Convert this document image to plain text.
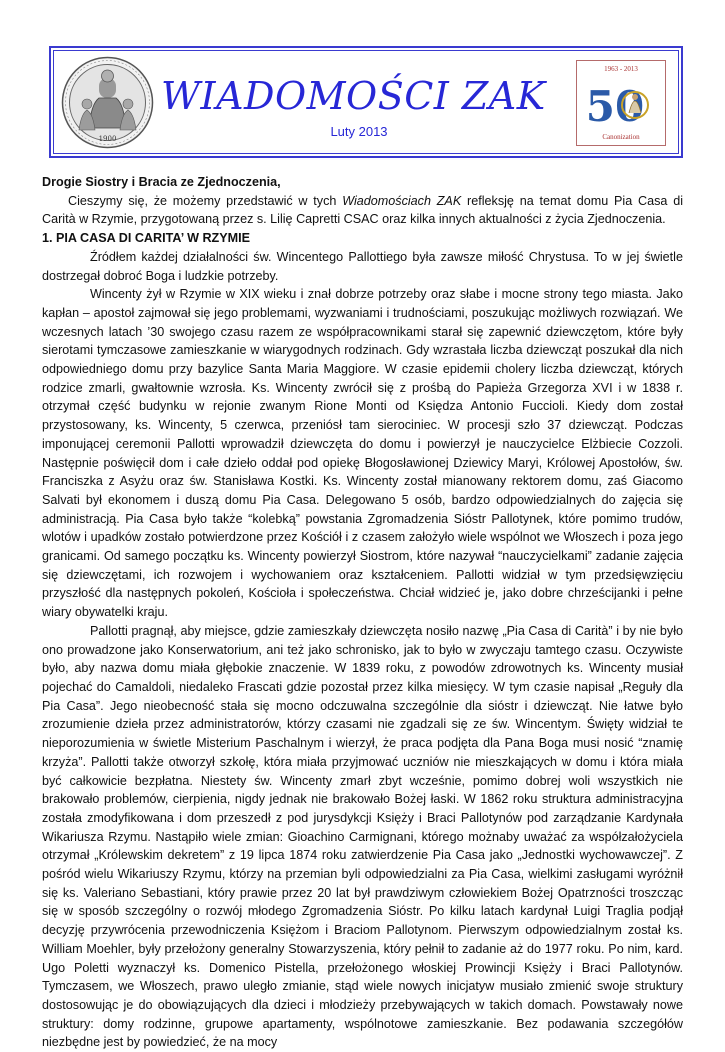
1900
WIADOMOŚCI ZAK
Luty 2013
1963 - 2013
50
Canonization

Drogie Siostry i Bracia ze Zjednoczenia,

Cieszymy się, że możemy przedstawić w tych Wiadomościach ZAK refleksję na temat domu Pia Casa di Carità w Rzymie, przygotowaną przez s. Lilię Capretti CSAC oraz kilka innych aktualności z życia Zjednoczenia.

1. PIA CASA DI CARITA’ W RZYMIE

Źródłem każdej działalności św. Wincentego Pallottiego była zawsze miłość Chrystusa. To w jej świetle dostrzegał dobroć Boga i ludzkie potrzeby.

Wincenty żył w Rzymie w XIX wieku i znał dobrze potrzeby oraz słabe i mocne strony tego miasta. Jako kapłan – apostoł zajmował się jego problemami, wyzwaniami i trudnościami, poszukując możliwych rozwiązań. We wczesnych latach ’30 swojego czasu razem ze współpracownikami starał się zapewnić dziewczętom, które były sierotami tymczasowe zamieszkanie w wiarygodnych rodzinach. Gdy wzrastała liczba dziewcząt poszukał dla nich odpowiedniego domu przy bazylice Santa Maria Maggiore. W czasie epidemii cholery liczba dziewcząt, których rodzice zmarli, gwałtownie wzrosła. Ks. Wincenty zwrócił się z prośbą do Papieża Grzegorza XVI i w 1838 r. otrzymał część budynku w rejonie zwanym Rione Monti od Księdza Antonio Fuccioli. Kiedy dom został przystosowany, ks. Wincenty, 5 czerwca, przeniósł tam sierociniec. W procesji szło 37 dziewcząt. Podczas imponującej ceremonii Pallotti wprowadził dziewczęta do domu i powierzył je nauczycielce Elżbiecie Cozzoli. Następnie poświęcił dom i całe dzieło oddał pod opiekę Błogosławionej Dziewicy Maryi, Królowej Apostołów, św. Franciszka z Asyżu oraz św. Stanisława Kostki. Ks. Wincenty został mianowany rektorem domu, zaś Giacomo Salvati był ekonomem i duszą domu Pia Casa. Delegowano 5 osób, bardzo odpowiedzialnych do zajęcia się administracją. Pia Casa było także “kolebką” powstania Zgromadzenia Sióstr Pallotynek, które pomimo trudów, wlotów i upadków zostało potwierdzone przez Kościół i z czasem założyło wiele wspólnot we Włoszech i poza jego granicami. Od samego początku ks. Wincenty powierzył Siostrom, które nazywał “nauczycielkami” zadanie zajęcia się dziewczętami, ich rozwojem i wychowaniem oraz kształceniem. Pallotti widział w tym przedsięwzięciu przyszłość dla następnych pokoleń, Kościoła i społeczeństwa. Chciał widzieć je, jako dobre chrześcijanki i pełne wiary obywatelki kraju.

Pallotti pragnął, aby miejsce, gdzie zamieszkały dziewczęta nosiło nazwę „Pia Casa di Carità” i by nie było ono prowadzone jako Konserwatorium, ani też jako schronisko, jak to było w zwyczaju tamtego czasu. Oczywiste było, aby nazwa domu miała głębokie znaczenie. W 1839 roku, z powodów zdrowotnych ks. Wincenty musiał pojechać do Camaldoli, niedaleko Frascati gdzie pozostał przez kilka miesięcy. W tym czasie napisał „Reguły dla Pia Casa”. Jego nieobecność stała się mocno odczuwalna szczególnie dla sióstr i dziewcząt. Nie łatwe było zrozumienie dzieła przez administratorów, którzy czasami nie zgadzali się ze św. Wincentym. Święty widział te nieporozumienia w świetle Misterium Paschalnym i wierzył, że praca podjęta dla Pana Boga musi nosić “znamię krzyża”. Pallotti także otworzył szkołę, która miała przyjmować uczniów nie mieszkających w domu i która miała być całkowicie bezpłatna. Niestety św. Wincenty zmarł zbyt wcześnie, pomimo dobrej woli wszystkich nie brakowało problemów, cierpienia, nigdy jednak nie brakowało Bożej łaski. W 1862 roku struktura administracyjna została zmodyfikowana i dom przeszedł z pod jurysdykcji Księży i Braci Pallotynów pod zarządzanie Kardynała Wikariusza Rzymu. Nastąpiło wiele zmian: Gioachino Carmignani, którego możnaby uważać za współzałożyciela otrzymał „Królewskim dekretem” z 19 lipca 1874 roku zatwierdzenie Pia Casa jako „Jednostki wychowawczej”. Z pośród wielu Wikariuszy Rzymu, którzy na przemian byli odpowiedzialni za Pia Casa, wielkimi zasługami wyróżnił się ks. Valeriano Sebastiani, który prawie przez 20 lat był prawdziwym człowiekiem Bożej Opatrzności troszcząc się w sposób szczególny o rozwój młodego Zgromadzenia Sióstr. Po kilku latach kardynał Luigi Traglia podjął decyzję przywrócenia przewodniczenia Księżom i Braciom Pallotynom. Pierwszym odpowiedzialnym został ks. William Moehler, były przełożony generalny Stowarzyszenia, który pełnił to zadanie aż do 1977 roku. Po nim, kard. Ugo Poletti wyznaczył ks. Domenico Pistella, przełożonego włoskiej Prowincji Księży i Braci Pallotynów. Tymczasem, we Włoszech, prawo uległo zmianie, stąd wiele nowych inicjatyw musiało zmienić swoje struktury dostosowując je do obowiązujących dla dzieci i młodzieży przebywających w takich domach. Powstawały nowe struktury: domy rodzinne, grupowe apartamenty, wspólnotowe zamieszkanie. Bez podawania szczegółów niezbędne jest by powiedzieć, że na mocy
